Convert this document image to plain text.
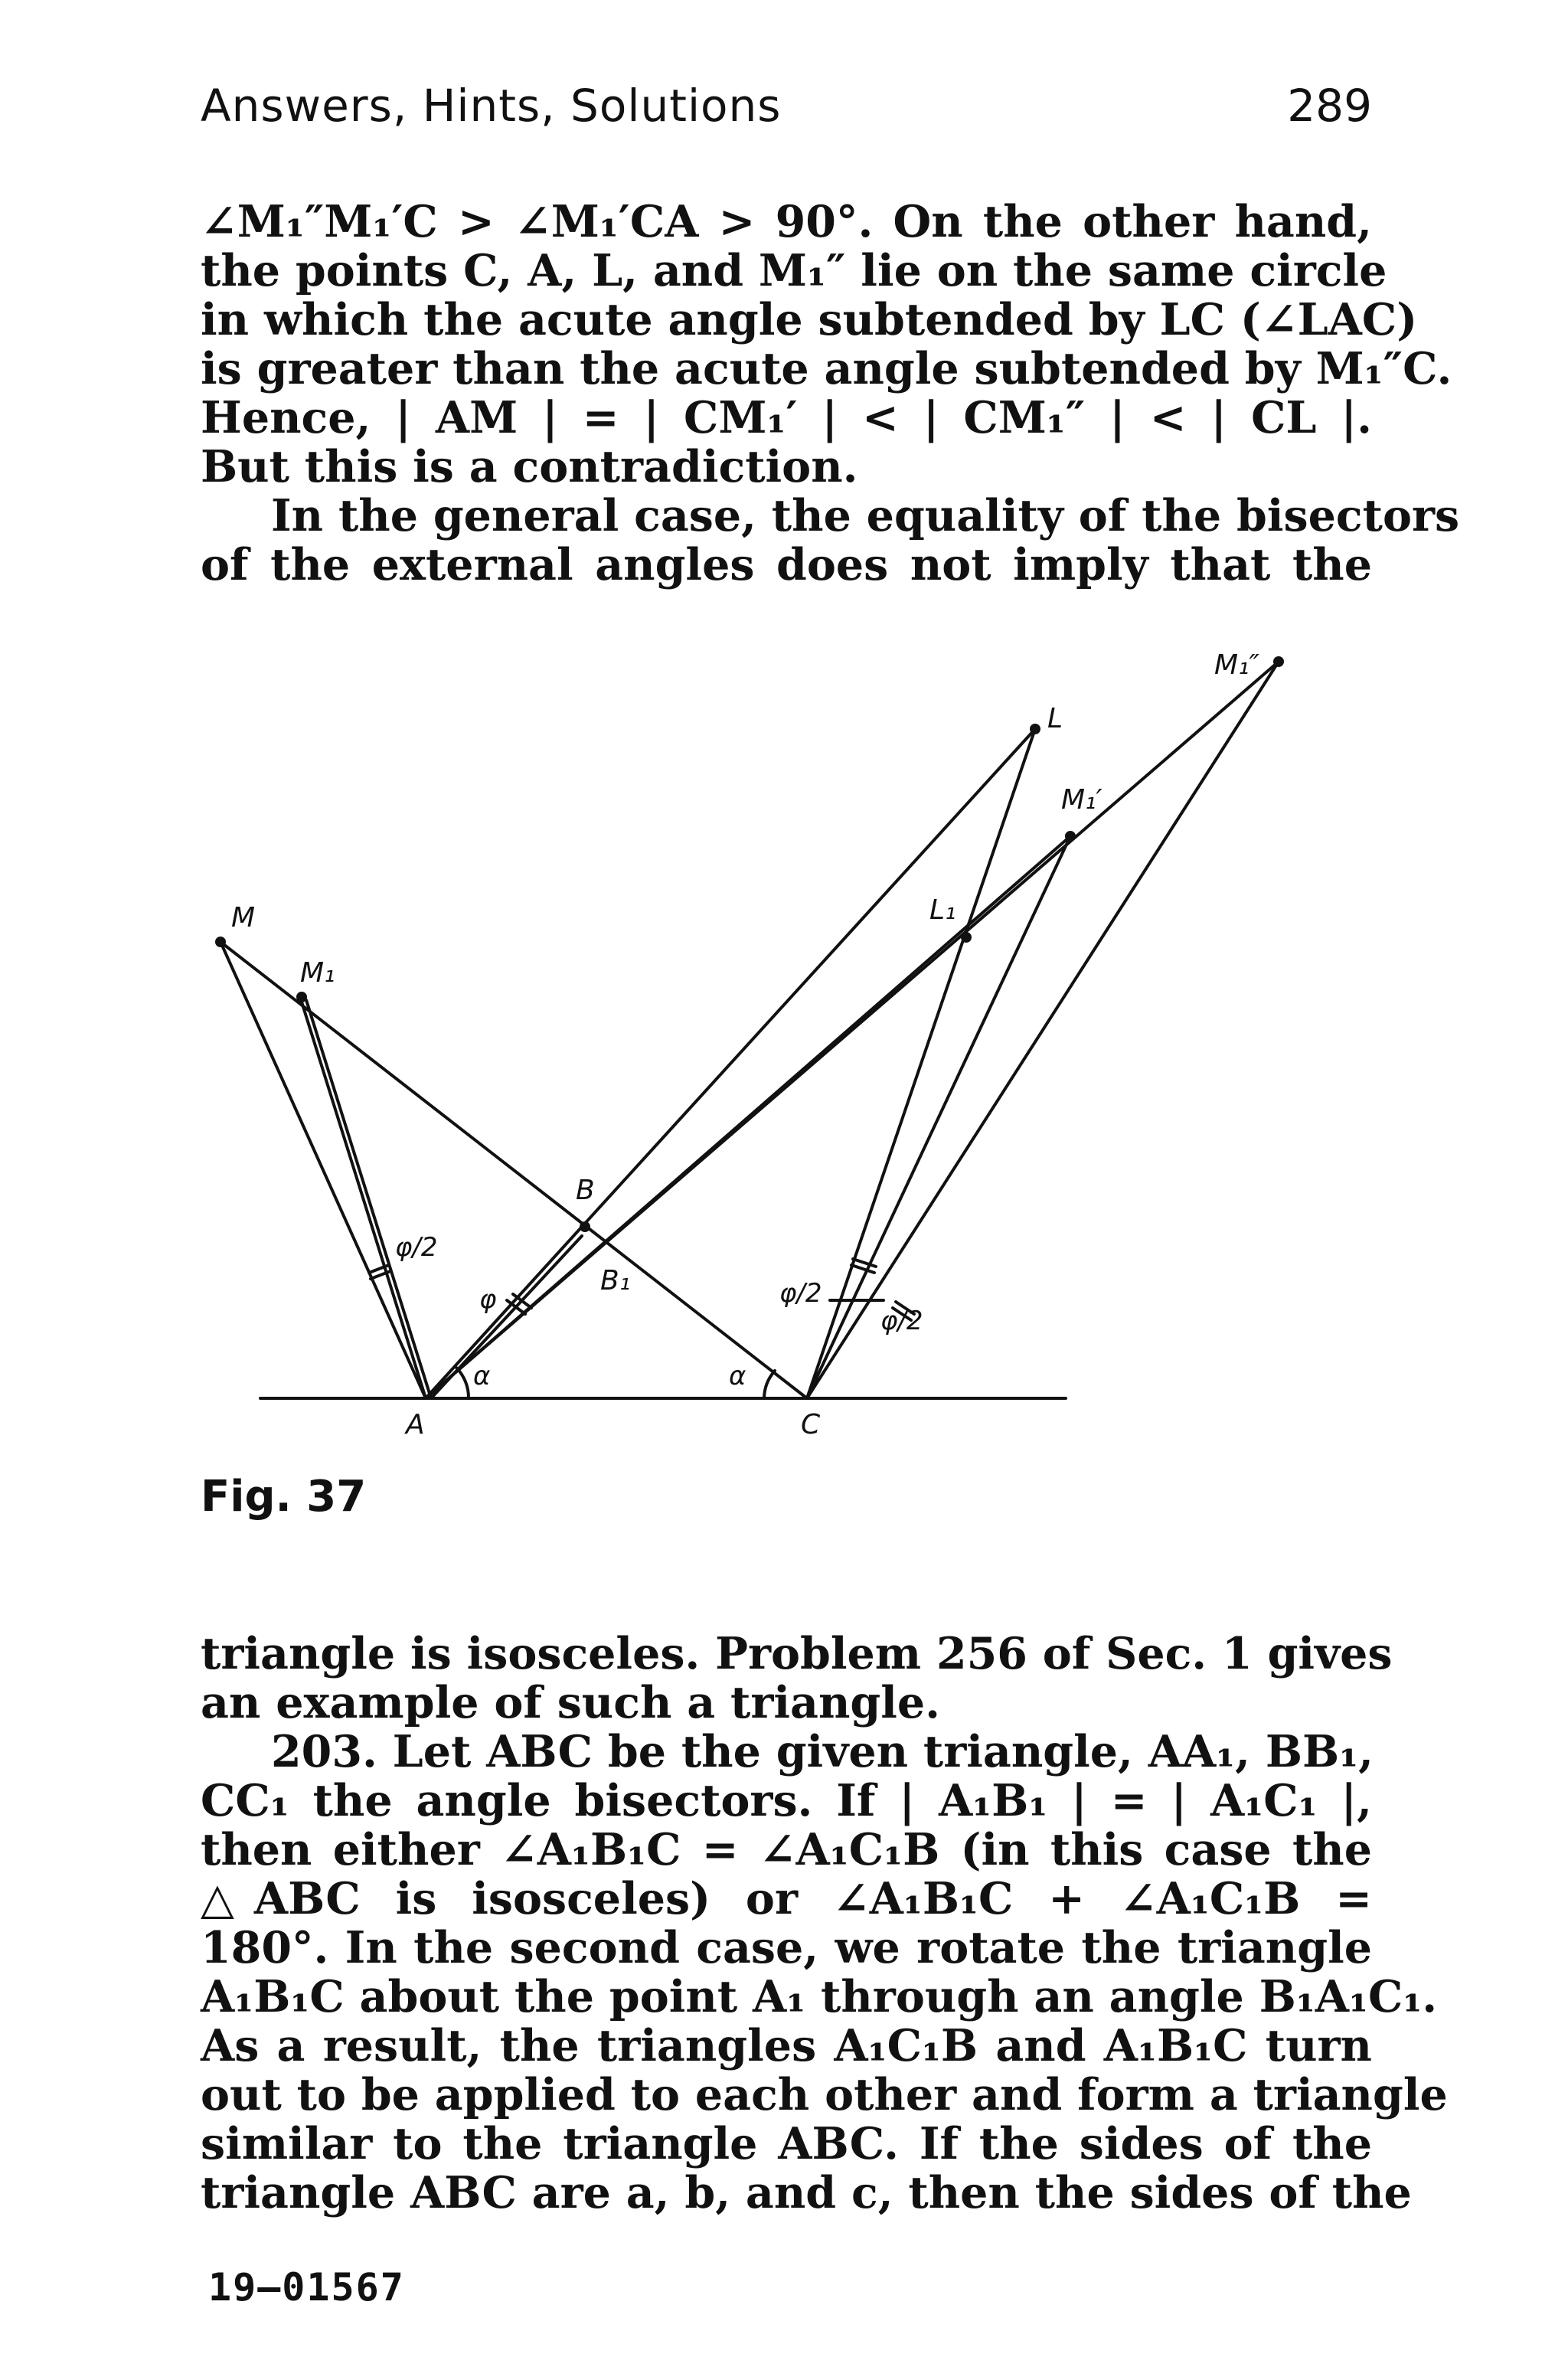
Answers, Hints, Solutions	289
∠M₁″M₁′C > ∠M₁′CA > 90°. On the other hand,
the points C, A, L, and M₁″ lie on the same circle
in which the acute angle subtended by LC (∠LAC)
is greater than the acute angle subtended by M₁″C.
Hence, | AM | = | CM₁′ | < | CM₁″ | < | CL |.
But this is a contradiction.
In the general case, the equality of the bisectors
of the external angles does not imply that the
M
M₁
L
M₁″
M₁′
L₁
B
B₁
A	C
φ/2
φ
α	α
φ/2
φ/2
Fig. 37
triangle is isosceles. Problem 256 of Sec. 1 gives
an example of such a triangle.
203. Let ABC be the given triangle, AA₁, BB₁,
CC₁ the angle bisectors. If | A₁B₁ | = | A₁C₁ |,
then either ∠A₁B₁C = ∠A₁C₁B (in this case the
△ABC is isosceles) or ∠A₁B₁C + ∠A₁C₁B =
180°. In the second case, we rotate the triangle
A₁B₁C about the point A₁ through an angle B₁A₁C₁.
As a result, the triangles A₁C₁B and A₁B₁C turn
out to be applied to each other and form a triangle
similar to the triangle ABC. If the sides of the
triangle ABC are a, b, and c, then the sides of the
19–01567
